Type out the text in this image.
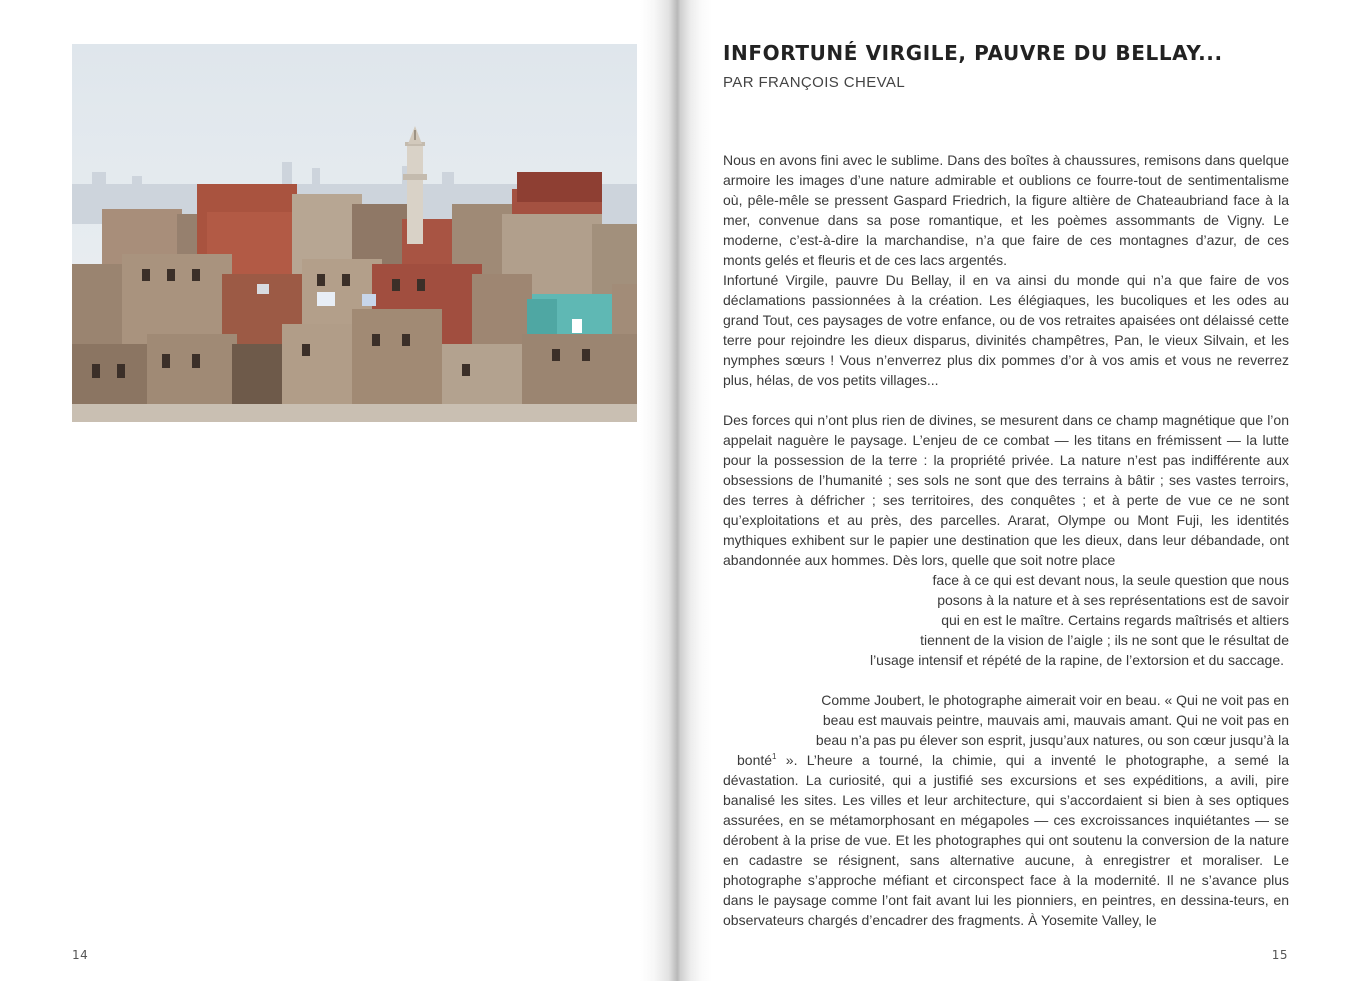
14
INFORTUNÉ VIRGILE, PAUVRE DU BELLAY...

PAR FRANÇOIS CHEVAL

Nous en avons fini avec le sublime. Dans des boîtes à chaussures, remisons dans quelque armoire les images d’une nature admirable et oublions ce fourre-tout de sentimentalisme où, pêle-mêle se pressent Gaspard Friedrich, la figure altière de Chateaubriand face à la mer, convenue dans sa pose romantique, et les poèmes assommants de Vigny. Le moderne, c’est-à-dire la marchandise, n’a que faire de ces montagnes d’azur, de ces monts gelés et fleuris et de ces lacs argentés.

Infortuné Virgile, pauvre Du Bellay, il en va ainsi du monde qui n’a que faire de vos déclamations passionnées à la création. Les élégiaques, les bucoliques et les odes au grand Tout, ces paysages de votre enfance, ou de vos retraites apaisées ont délaissé cette terre pour rejoindre les dieux disparus, divinités champêtres, Pan, le vieux Silvain, et les nymphes sœurs ! Vous n’enverrez plus dix pommes d’or à vos amis et vous ne reverrez plus, hélas, de vos petits villages...

Des forces qui n’ont plus rien de divines, se mesurent dans ce champ magnétique que l’on appelait naguère le paysage. L’enjeu de ce combat — les titans en frémissent — la lutte pour la possession de la terre : la propriété privée. La nature n’est pas indifférente aux obsessions de l’humanité ; ses sols ne sont que des terrains à bâtir ; ses vastes terroirs, des terres à défricher ; ses territoires, des conquêtes ; et à perte de vue ce ne sont qu’exploitations et au près, des parcelles. Ararat, Olympe ou Mont Fuji, les identités mythiques exhibent sur le papier une destination que les dieux, dans leur débandade, ont abandonnée aux hommes. Dès lors, quelle que soit notre place

face à ce qui est devant nous, la seule question que nous
posons à la nature et à ses représentations est de savoir
qui en est le maître. Certains regards maîtrisés et altiers
tiennent de la vision de l’aigle ; ils ne sont que le résultat de
l’usage intensif et répété de la rapine, de l’extorsion et du saccage.
Comme Joubert, le photographe aimerait voir en beau. « Qui ne voit pas en
beau est mauvais peintre, mauvais ami, mauvais amant. Qui ne voit pas en
beau n’a pas pu élever son esprit, jusqu’aux natures, ou son cœur jusqu’à la

bonté$^1$ ». L’heure a tourné, la chimie, qui a inventé le photographe, a semé la dévastation. La curiosité, qui a justifié ses excursions et ses expéditions, a avili, pire banalisé les sites. Les villes et leur architecture, qui s’accordaient si bien à ses optiques assurées, en se métamorphosant en mégapoles — ces excroissances inquiétantes — se dérobent à la prise de vue. Et les photographes qui ont soutenu la conversion de la nature en cadastre se résignent, sans alternative aucune, à enregistrer et moraliser. Le photographe s’approche méfiant et circonspect face à la modernité. Il ne s’avance plus dans le paysage comme l’ont fait avant lui les pionniers, en peintres, en dessina-teurs, en observateurs chargés d’encadrer des fragments. À Yosemite Valley, le

15
